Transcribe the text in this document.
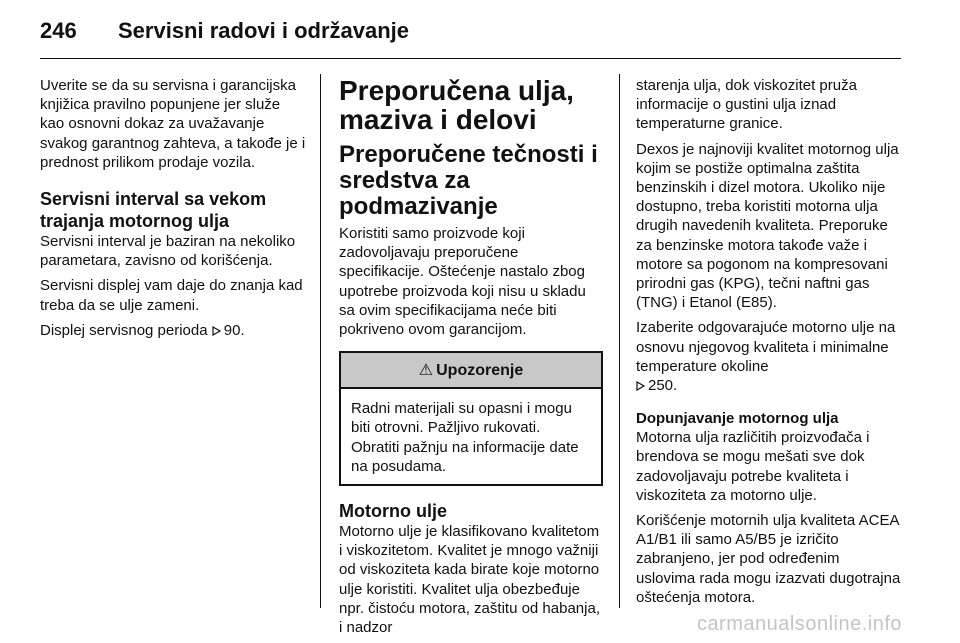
246 Servisni radovi i održavanje

Uverite se da su servisna i garancijska knjižica pravilno popunjene jer služe kao osnovni dokaz za uvažavanje svakog garantnog zahteva, a takođe je i prednost prilikom prodaje vozila.

Servisni interval sa vekom trajanja motornog ulja

Servisni interval je baziran na nekoliko parametara, zavisno od korišćenja.

Servisni displej vam daje do znanja kad treba da se ulje zameni.

Displej servisnog perioda 90.

Preporučena ulja, maziva i delovi
Preporučene tečnosti i sredstva za podmazivanje

Koristiti samo proizvode koji zadovoljavaju preporučene specifikacije. Oštećenje nastalo zbog upotrebe proizvoda koji nisu u skladu sa ovim specifikacijama neće biti pokriveno ovom garancijom.

⚠ Upozorenje
Radni materijali su opasni i mogu biti otrovni. Pažljivo rukovati. Obratiti pažnju na informacije date na posudama.
Motorno ulje

Motorno ulje je klasifikovano kvalitetom i viskozitetom. Kvalitet je mnogo važniji od viskoziteta kada birate koje motorno ulje koristiti. Kvalitet ulja obezbeđuje npr. čistoću motora, zaštitu od habanja, i nadzor

starenja ulja, dok viskozitet pruža informacije o gustini ulja iznad temperaturne granice.

Dexos je najnoviji kvalitet motornog ulja kojim se postiže optimalna zaštita benzinskih i dizel motora. Ukoliko nije dostupno, treba koristiti motorna ulja drugih navedenih kvaliteta. Preporuke za benzinske motora takođe važe i motore sa pogonom na kompresovani prirodni gas (KPG), tečni naftni gas (TNG) i Etanol (E85).

Izaberite odgovarajuće motorno ulje na osnovu njegovog kvaliteta i minimalne temperature okoline
250.

Dopunjavanje motornog ulja

Motorna ulja različitih proizvođača i brendova se mogu mešati sve dok zadovoljavaju potrebe kvaliteta i viskoziteta za motorno ulje.

Korišćenje motornih ulja kvaliteta ACEA A1/B1 ili samo A5/B5 je izričito zabranjeno, jer pod određenim uslovima rada mogu izazvati dugotrajna oštećenja motora.

carmanualsonline.info
